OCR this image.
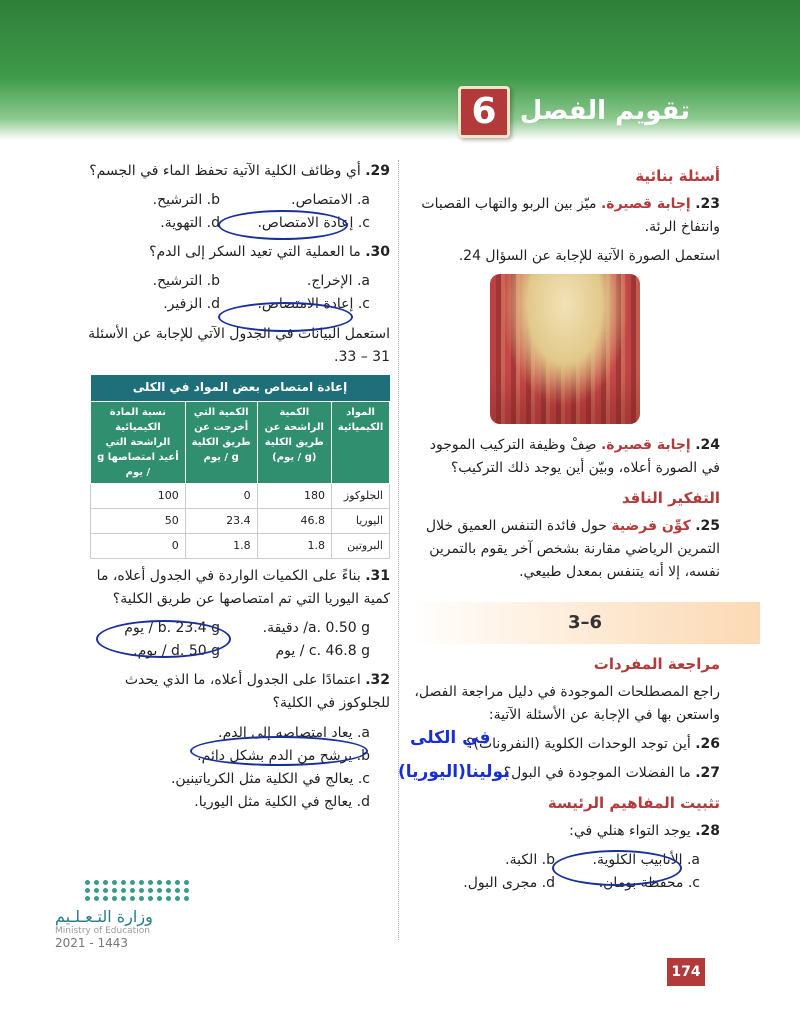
تقويم الفصل
6
أسئلة بنائية
23. إجابة قصيرة. ميّز بين الربو والتهاب القصبات وانتفاخ الرئة.
استعمل الصورة الآتية للإجابة عن السؤال 24.
24. إجابة قصيرة. صِفْ وظيفة التركيب الموجود في الصورة أعلاه، وبيّن أين يوجد ذلك التركيب؟
التفكير الناقد
25. كوِّن فرضية حول فائدة التنفس العميق خلال التمرين الرياضي مقارنة بشخص آخر يقوم بالتمرين نفسه، إلا أنه يتنفس بمعدل طبيعي.
6–3
مراجعة المفردات
راجع المصطلحات الموجودة في دليل مراجعة الفصل، واستعن بها في الإجابة عن الأسئلة الآتية:
26. أين توجد الوحدات الكلوية (النفرونات)؟
27. ما الفضلات الموجودة في البول؟
تثبيت المفاهيم الرئيسة
28. يوجد التواء هنلي في:
a. الأنابيب الكلوية.
b. الكبة.
c. محفظة بومان.
d. مجرى البول.
29. أي وظائف الكلية الآتية تحفظ الماء في الجسم؟
a. الامتصاص.
b. الترشيح.
c. إعادة الامتصاص.
d. التهوية.
30. ما العملية التي تعيد السكر إلى الدم؟
a. الإخراج.
b. الترشيح.
c. إعادة الامتصاص.
d. الزفير.
استعمل البيانات في الجدول الآتي للإجابة عن الأسئلة 31 – 33.
إعادة امتصاص بعض المواد في الكلى			
المواد الكيميائية	الكمية الراشحة عن طريق الكلية (g / يوم)	الكمية التي أخرجت عن طريق الكلية g / يوم	نسبة المادة الكيميائية الراشحة التي أعيد امتصاصها g / يوم
الجلوكوز	180	0	100
اليوريا	46.8	23.4	50
البروتين	1.8	1.8	0
31. بناءً على الكميات الواردة في الجدول أعلاه، ما كمية اليوريا التي تم امتصاصها عن طريق الكلية؟
a. 0.50 g/ دقيقة.
b. 23.4 g / يوم
c. 46.8 g / يوم
d. 50 g / يوم.
32. اعتمادًا على الجدول أعلاه، ما الذي يحدث للجلوكوز في الكلية؟
a. يعاد امتصاصه إلى الدم.
b. يرشح من الدم بشكل دائم.
c. يعالج في الكلية مثل الكرياتينين.
d. يعالج في الكلية مثل اليوريا.
في الكلى
بولينا(اليوريا)
وزارة التـعـلـيم
Ministry of Education
2021 - 1443
174
